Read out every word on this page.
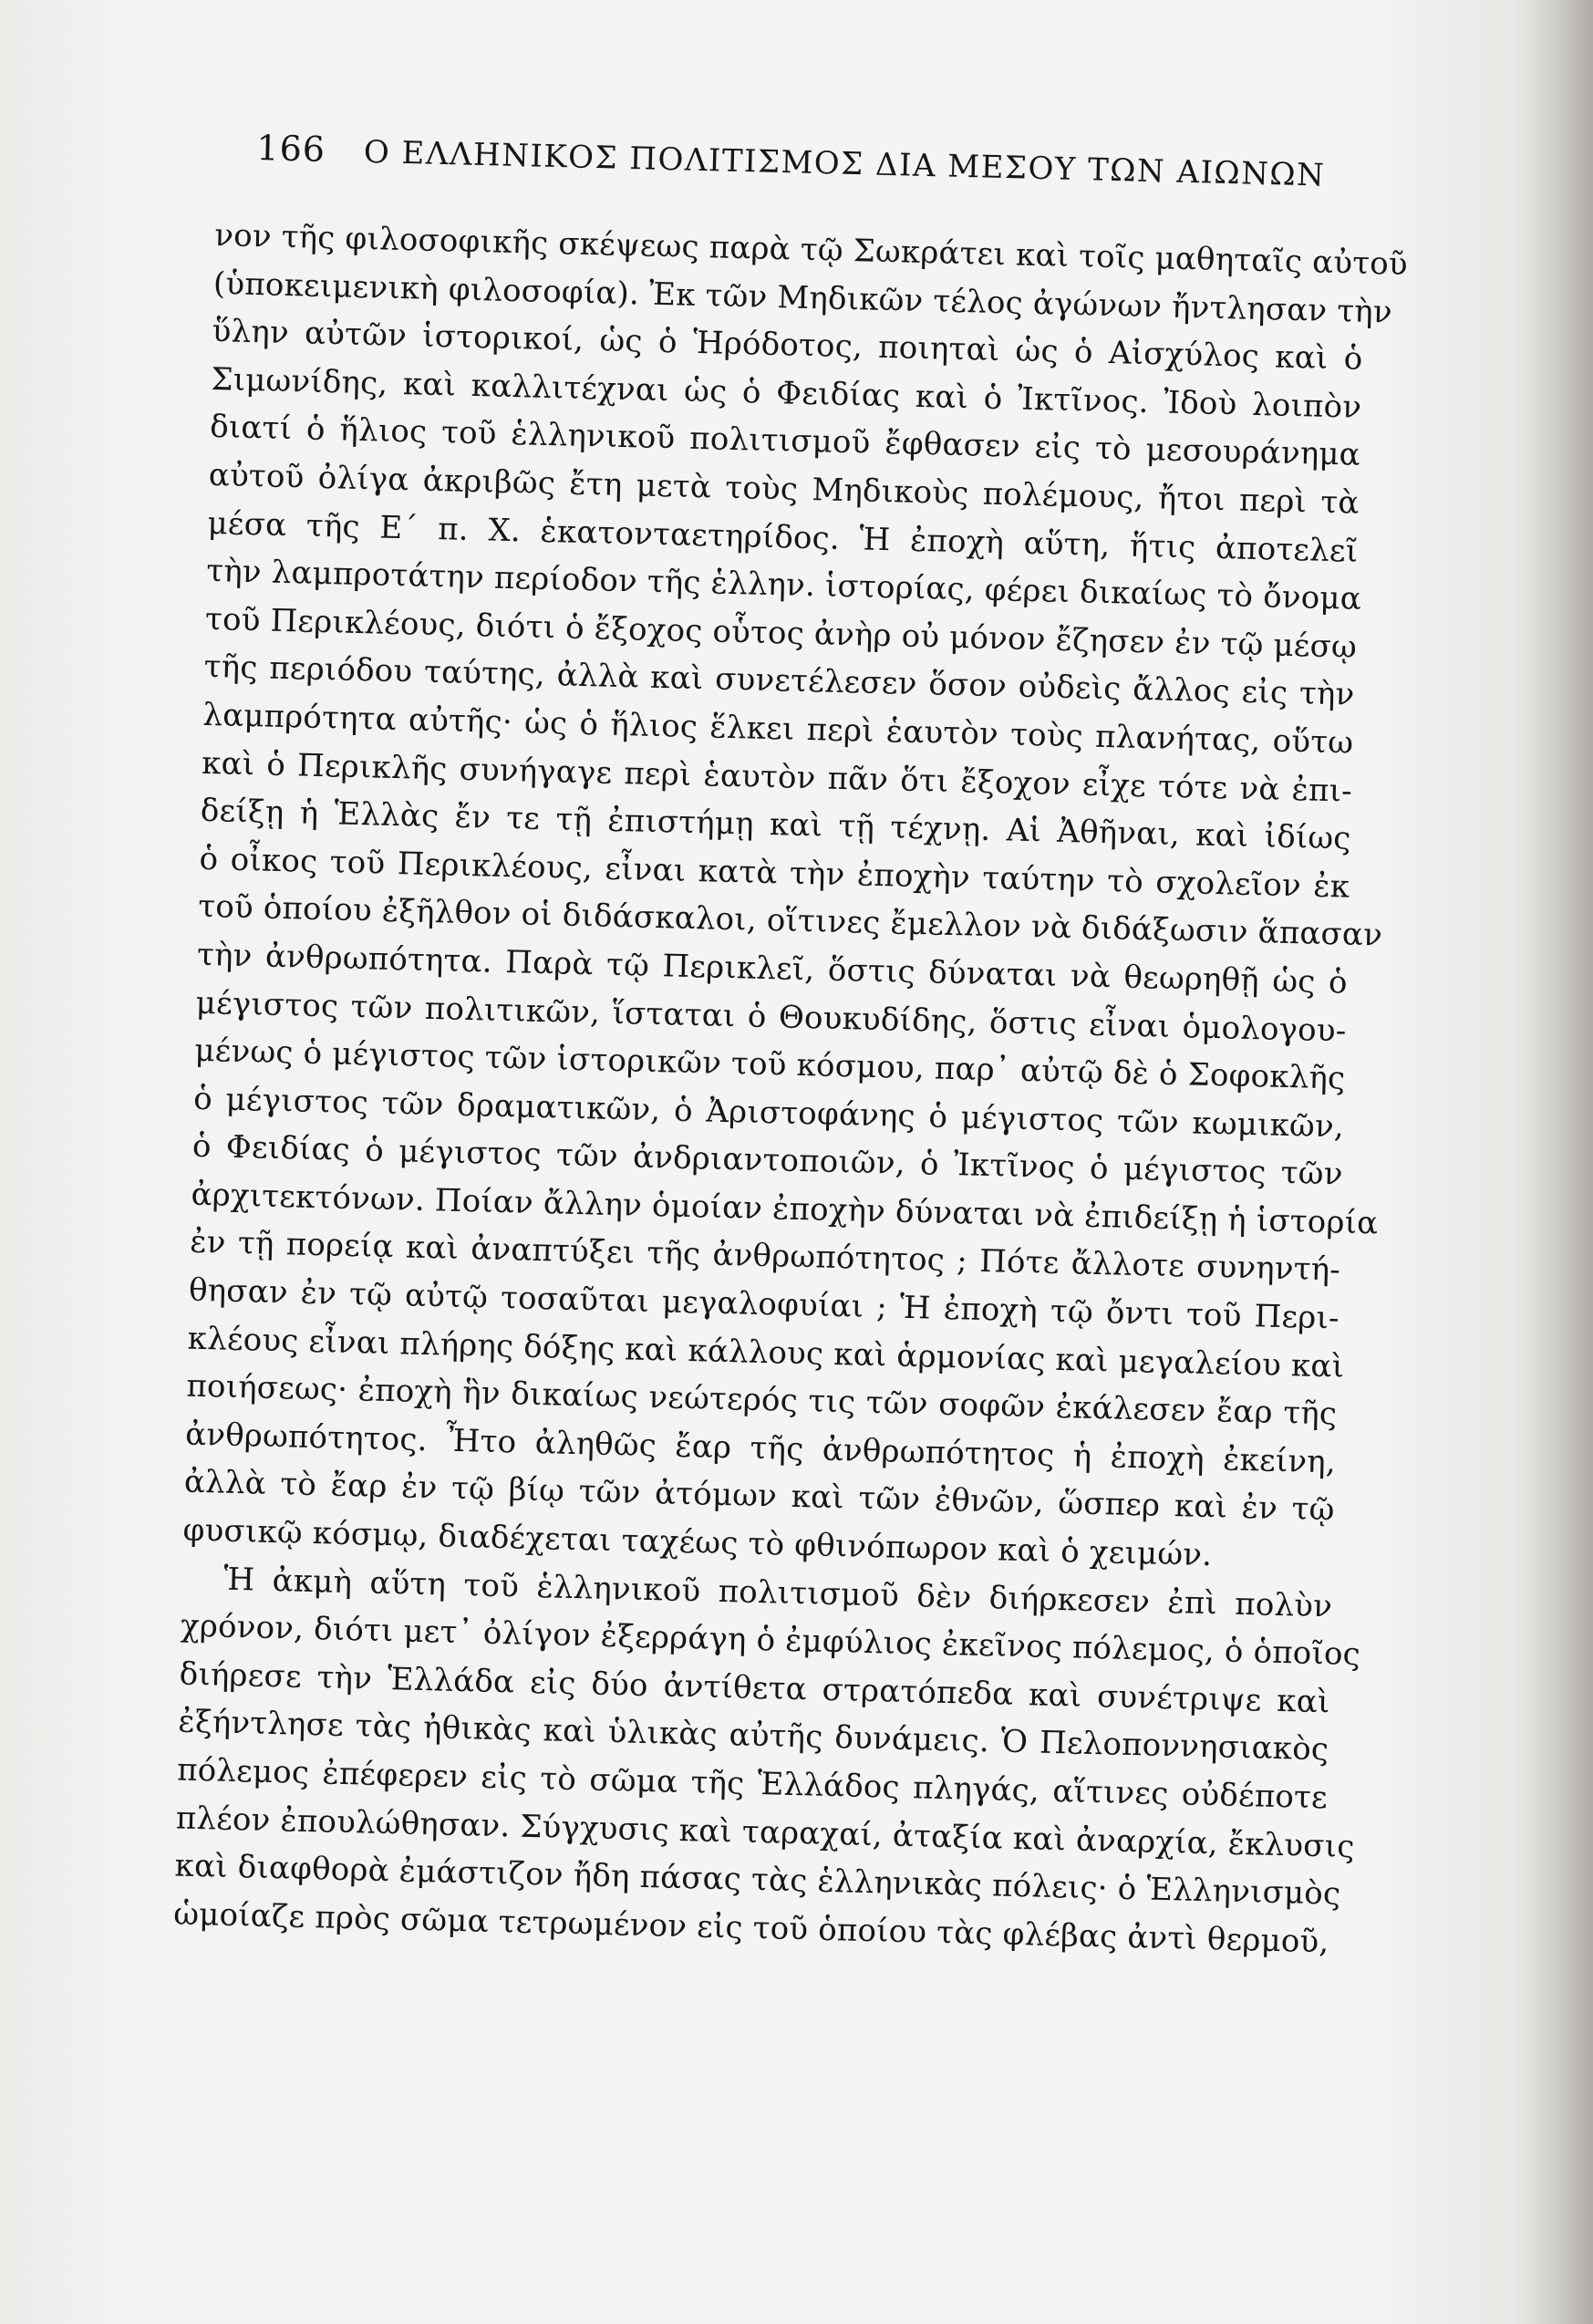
166 Ο ΕΛΛΗΝΙΚΟΣ ΠΟΛΙΤΙΣΜΟΣ ΔΙΑ ΜΕΣΟΥ ΤΩΝ ΑΙΩΝΩΝ
νον τῆς φιλοσοφικῆς σκέψεως παρὰ τῷ Σωκράτει καὶ τοῖς μαθηταῖς αὐτοῦ
(ὑποκειμενικὴ φιλοσοφία). Ἐκ τῶν Μηδικῶν τέλος ἀγώνων ἤντλησαν τὴν
ὕλην αὐτῶν ἱστορικοί, ὡς ὁ Ἡρόδοτος, ποιηταὶ ὡς ὁ Αἰσχύλος καὶ ὁ
Σιμωνίδης, καὶ καλλιτέχναι ὡς ὁ Φειδίας καὶ ὁ Ἰκτῖνος. Ἰδοὺ λοιπὸν
διατί ὁ ἥλιος τοῦ ἑλληνικοῦ πολιτισμοῦ ἔφθασεν εἰς τὸ μεσουράνημα
αὐτοῦ ὀλίγα ἀκριβῶς ἔτη μετὰ τοὺς Μηδικοὺς πολέμους, ἤτοι περὶ τὰ
μέσα τῆς Ε΄ π. Χ. ἑκατονταετηρίδος. Ἡ ἐποχὴ αὕτη, ἥτις ἀποτελεῖ
τὴν λαμπροτάτην περίοδον τῆς ἑλλην. ἱστορίας, φέρει δικαίως τὸ ὄνομα
τοῦ Περικλέους, διότι ὁ ἔξοχος οὗτος ἀνὴρ οὐ μόνον ἔζησεν ἐν τῷ μέσῳ
τῆς περιόδου ταύτης, ἀλλὰ καὶ συνετέλεσεν ὅσον οὐδεὶς ἄλλος εἰς τὴν
λαμπρότητα αὐτῆς· ὡς ὁ ἥλιος ἕλκει περὶ ἑαυτὸν τοὺς πλανήτας, οὕτω
καὶ ὁ Περικλῆς συνήγαγε περὶ ἑαυτὸν πᾶν ὅτι ἔξοχον εἶχε τότε νὰ ἐπι-
δείξῃ ἡ Ἑλλὰς ἔν τε τῇ ἐπιστήμῃ καὶ τῇ τέχνῃ. Αἱ Ἀθῆναι, καὶ ἰδίως
ὁ οἶκος τοῦ Περικλέους, εἶναι κατὰ τὴν ἐποχὴν ταύτην τὸ σχολεῖον ἐκ
τοῦ ὁποίου ἐξῆλθον οἱ διδάσκαλοι, οἵτινες ἔμελλον νὰ διδάξωσιν ἅπασαν
τὴν ἀνθρωπότητα. Παρὰ τῷ Περικλεῖ, ὅστις δύναται νὰ θεωρηθῇ ὡς ὁ
μέγιστος τῶν πολιτικῶν, ἵσταται ὁ Θουκυδίδης, ὅστις εἶναι ὁμολογου-
μένως ὁ μέγιστος τῶν ἱστορικῶν τοῦ κόσμου, παρ᾽ αὐτῷ δὲ ὁ Σοφοκλῆς
ὁ μέγιστος τῶν δραματικῶν, ὁ Ἀριστοφάνης ὁ μέγιστος τῶν κωμικῶν,
ὁ Φειδίας ὁ μέγιστος τῶν ἀνδριαντοποιῶν, ὁ Ἰκτῖνος ὁ μέγιστος τῶν
ἀρχιτεκτόνων. Ποίαν ἄλλην ὁμοίαν ἐποχὴν δύναται νὰ ἐπιδείξῃ ἡ ἱστορία
ἐν τῇ πορείᾳ καὶ ἀναπτύξει τῆς ἀνθρωπότητος ; Πότε ἄλλοτε συνηντή-
θησαν ἐν τῷ αὐτῷ τοσαῦται μεγαλοφυίαι ; Ἡ ἐποχὴ τῷ ὄντι τοῦ Περι-
κλέους εἶναι πλήρης δόξης καὶ κάλλους καὶ ἁρμονίας καὶ μεγαλείου καὶ
ποιήσεως· ἐποχὴ ἣν δικαίως νεώτερός τις τῶν σοφῶν ἐκάλεσεν ἔαρ τῆς
ἀνθρωπότητος. Ἦτο ἀληθῶς ἔαρ τῆς ἀνθρωπότητος ἡ ἐποχὴ ἐκείνη,
ἀλλὰ τὸ ἔαρ ἐν τῷ βίῳ τῶν ἀτόμων καὶ τῶν ἐθνῶν, ὥσπερ καὶ ἐν τῷ
φυσικῷ κόσμῳ, διαδέχεται ταχέως τὸ φθινόπωρον καὶ ὁ χειμών.
Ἡ ἀκμὴ αὕτη τοῦ ἑλληνικοῦ πολιτισμοῦ δὲν διήρκεσεν ἐπὶ πολὺν
χρόνον, διότι μετ᾽ ὀλίγον ἐξερράγη ὁ ἐμφύλιος ἐκεῖνος πόλεμος, ὁ ὁποῖος
διήρεσε τὴν Ἑλλάδα εἰς δύο ἀντίθετα στρατόπεδα καὶ συνέτριψε καὶ
ἐξήντλησε τὰς ἠθικὰς καὶ ὑλικὰς αὐτῆς δυνάμεις. Ὁ Πελοποννησιακὸς
πόλεμος ἐπέφερεν εἰς τὸ σῶμα τῆς Ἑλλάδος πληγάς, αἵτινες οὐδέποτε
πλέον ἐπουλώθησαν. Σύγχυσις καὶ ταραχαί, ἀταξία καὶ ἀναρχία, ἔκλυσις
καὶ διαφθορὰ ἐμάστιζον ἤδη πάσας τὰς ἑλληνικὰς πόλεις· ὁ Ἑλληνισμὸς
ὡμοίαζε πρὸς σῶμα τετρωμένον εἰς τοῦ ὁποίου τὰς φλέβας ἀντὶ θερμοῦ,
